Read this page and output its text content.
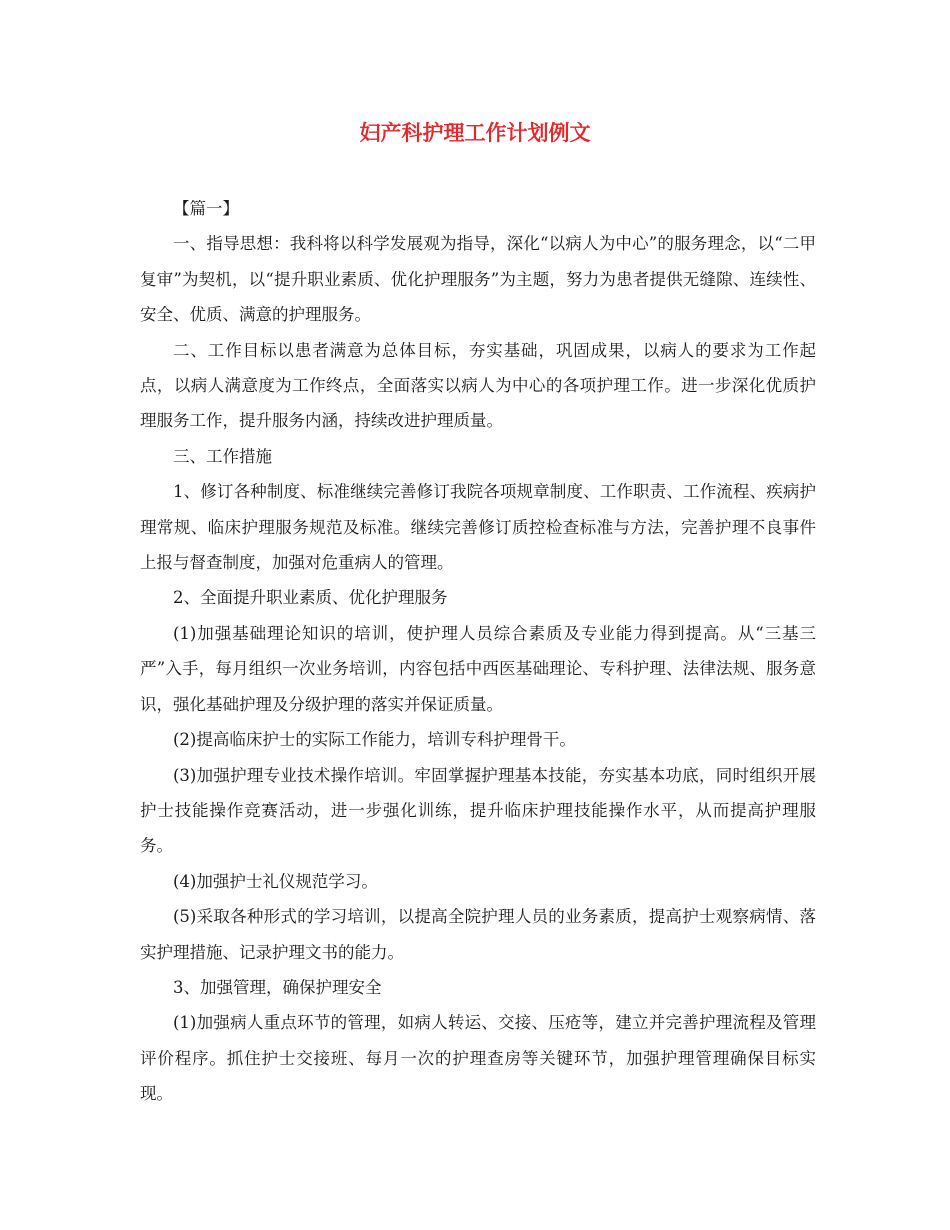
妇产科护理工作计划例文

【篇一】

一、指导思想：我科将以科学发展观为指导，深化“以病人为中心”的服务理念，以“二甲复审”为契机，以“提升职业素质、优化护理服务”为主题，努力为患者提供无缝隙、连续性、安全、优质、满意的护理服务。

二、工作目标以患者满意为总体目标，夯实基础，巩固成果，以病人的要求为工作起点，以病人满意度为工作终点，全面落实以病人为中心的各项护理工作。进一步深化优质护理服务工作，提升服务内涵，持续改进护理质量。

三、工作措施

1、修订各种制度、标准继续完善修订我院各项规章制度、工作职责、工作流程、疾病护理常规、临床护理服务规范及标准。继续完善修订质控检查标准与方法，完善护理不良事件上报与督查制度，加强对危重病人的管理。

2、全面提升职业素质、优化护理服务

(1)加强基础理论知识的培训，使护理人员综合素质及专业能力得到提高。从“三基三严”入手，每月组织一次业务培训，内容包括中西医基础理论、专科护理、法律法规、服务意识，强化基础护理及分级护理的落实并保证质量。

(2)提高临床护士的实际工作能力，培训专科护理骨干。

(3)加强护理专业技术操作培训。牢固掌握护理基本技能，夯实基本功底，同时组织开展护士技能操作竞赛活动，进一步强化训练，提升临床护理技能操作水平，从而提高护理服务。

(4)加强护士礼仪规范学习。

(5)采取各种形式的学习培训，以提高全院护理人员的业务素质，提高护士观察病情、落实护理措施、记录护理文书的能力。

3、加强管理，确保护理安全

(1)加强病人重点环节的管理，如病人转运、交接、压疮等，建立并完善护理流程及管理评价程序。抓住护士交接班、每月一次的护理查房等关键环节，加强护理管理确保目标实现。
